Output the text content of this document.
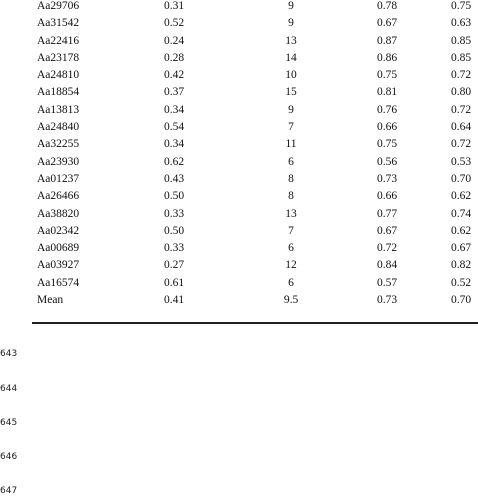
Aa29706	0.31	9	0.78	0.75
Aa31542	0.52	9	0.67	0.63
Aa22416	0.24	13	0.87	0.85
Aa23178	0.28	14	0.86	0.85
Aa24810	0.42	10	0.75	0.72
Aa18854	0.37	15	0.81	0.80
Aa13813	0.34	9	0.76	0.72
Aa24840	0.54	7	0.66	0.64
Aa32255	0.34	11	0.75	0.72
Aa23930	0.62	6	0.56	0.53
Aa01237	0.43	8	0.73	0.70
Aa26466	0.50	8	0.66	0.62
Aa38820	0.33	13	0.77	0.74
Aa02342	0.50	7	0.67	0.62
Aa00689	0.33	6	0.72	0.67
Aa03927	0.27	12	0.84	0.82
Aa16574	0.61	6	0.57	0.52
Mean	0.41	9.5	0.73	0.70
643
644
645
646
647
